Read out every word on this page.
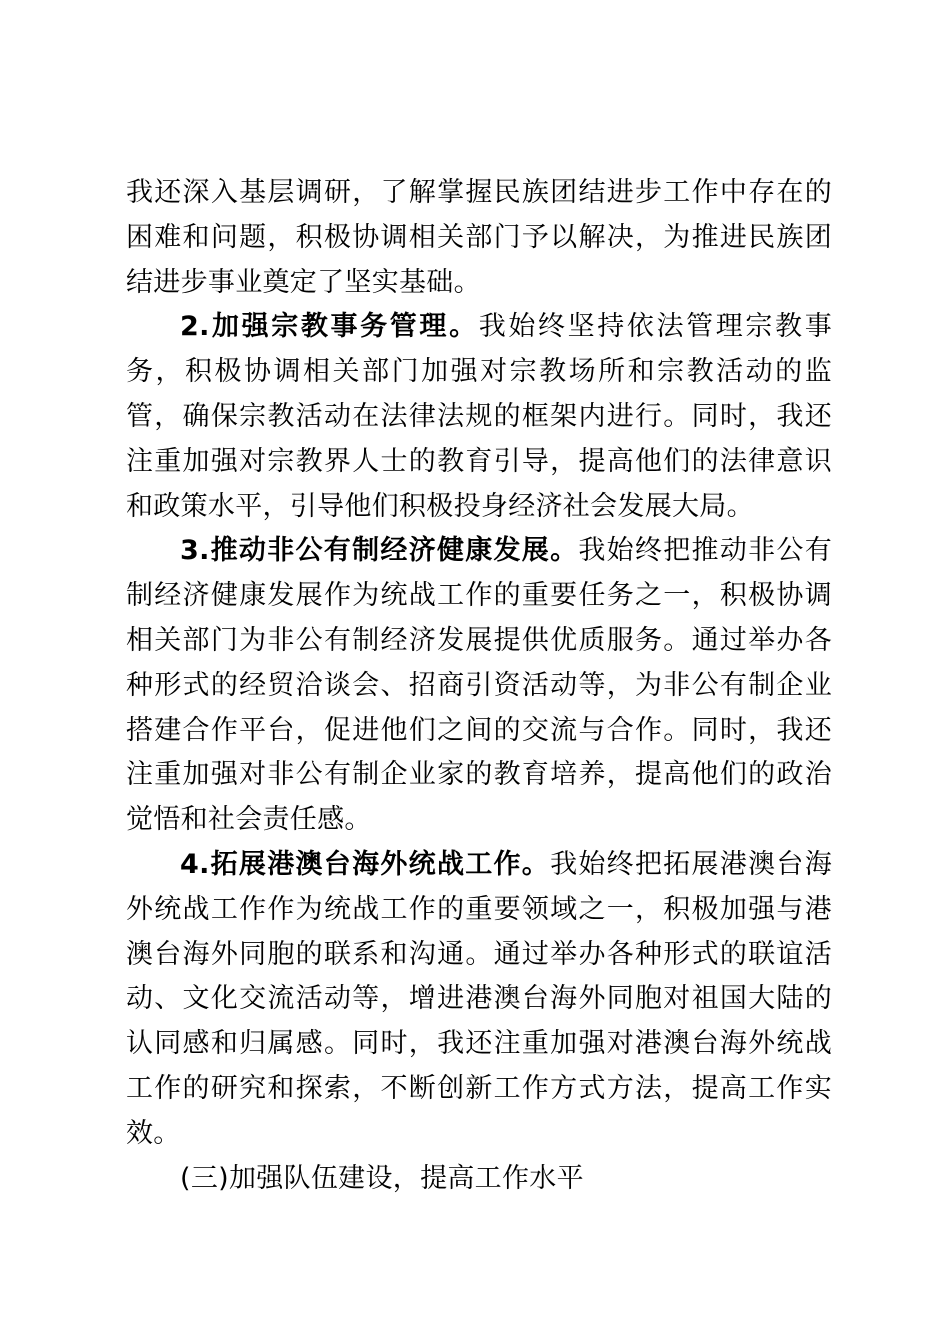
我还深入基层调研，了解掌握民族团结进步工作中存在的困难和问题，积极协调相关部门予以解决，为推进民族团结进步事业奠定了坚实基础。

2.加强宗教事务管理。我始终坚持依法管理宗教事务，积极协调相关部门加强对宗教场所和宗教活动的监管，确保宗教活动在法律法规的框架内进行。同时，我还注重加强对宗教界人士的教育引导，提高他们的法律意识和政策水平，引导他们积极投身经济社会发展大局。

3.推动非公有制经济健康发展。我始终把推动非公有制经济健康发展作为统战工作的重要任务之一，积极协调相关部门为非公有制经济发展提供优质服务。通过举办各种形式的经贸洽谈会、招商引资活动等，为非公有制企业搭建合作平台，促进他们之间的交流与合作。同时，我还注重加强对非公有制企业家的教育培养，提高他们的政治觉悟和社会责任感。

4.拓展港澳台海外统战工作。我始终把拓展港澳台海外统战工作作为统战工作的重要领域之一，积极加强与港澳台海外同胞的联系和沟通。通过举办各种形式的联谊活动、文化交流活动等，增进港澳台海外同胞对祖国大陆的认同感和归属感。同时，我还注重加强对港澳台海外统战工作的研究和探索，不断创新工作方式方法，提高工作实效。

(三)加强队伍建设，提高工作水平
